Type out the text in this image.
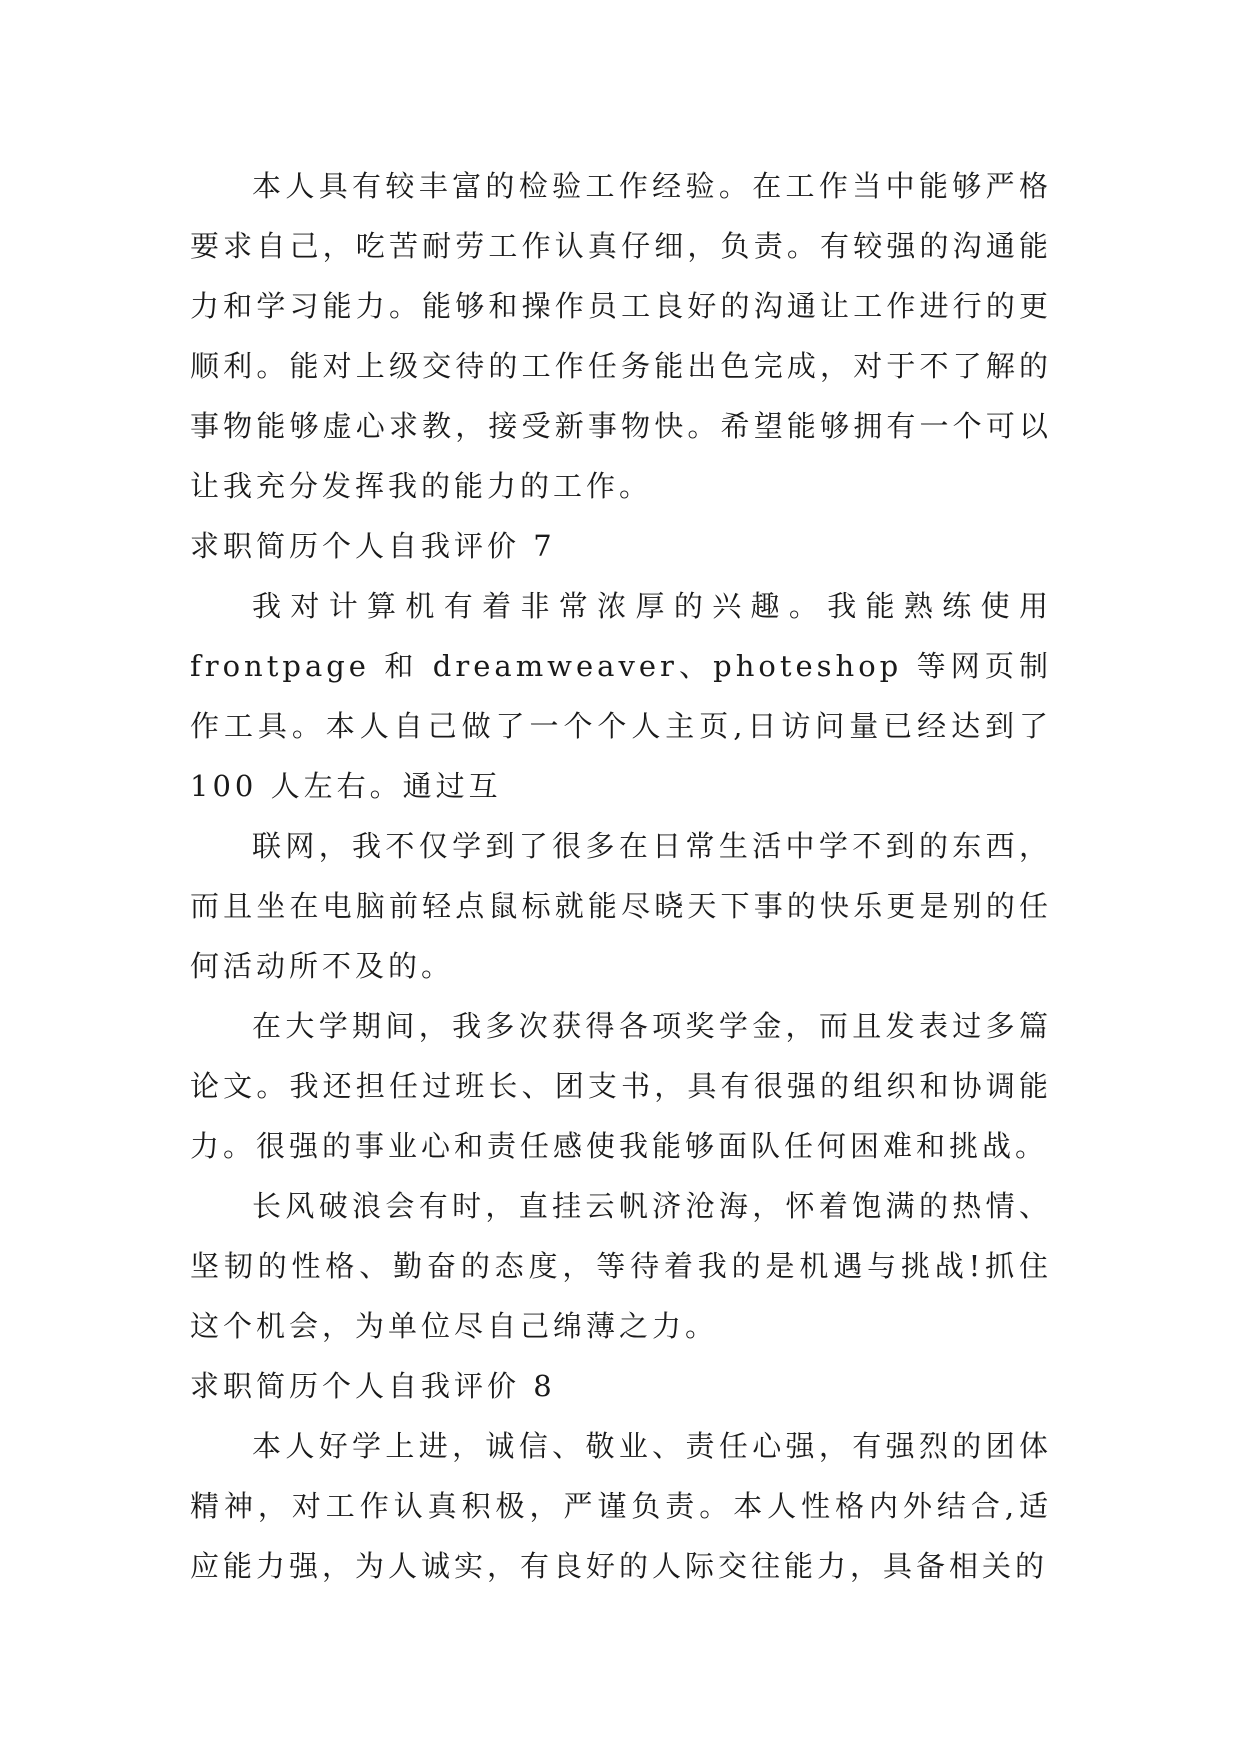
本人具有较丰富的检验工作经验。在工作当中能够严格要求自己，吃苦耐劳工作认真仔细，负责。有较强的沟通能力和学习能力。能够和操作员工良好的沟通让工作进行的更顺利。能对上级交待的工作任务能出色完成，对于不了解的事物能够虚心求教，接受新事物快。希望能够拥有一个可以让我充分发挥我的能力的工作。

求职简历个人自我评价 7

我对计算机有着非常浓厚的兴趣。我能熟练使用frontpage 和 dreamweaver、photeshop 等网页制作工具。本人自己做了一个个人主页,日访问量已经达到了 100 人左右。通过互

联网，我不仅学到了很多在日常生活中学不到的东西，而且坐在电脑前轻点鼠标就能尽晓天下事的快乐更是别的任何活动所不及的。

在大学期间，我多次获得各项奖学金，而且发表过多篇论文。我还担任过班长、团支书，具有很强的组织和协调能力。很强的事业心和责任感使我能够面队任何困难和挑战。

长风破浪会有时，直挂云帆济沧海，怀着饱满的热情、坚韧的性格、勤奋的态度，等待着我的是机遇与挑战!抓住这个机会，为单位尽自己绵薄之力。

求职简历个人自我评价 8

本人好学上进，诚信、敬业、责任心强，有强烈的团体精神，对工作认真积极，严谨负责。本人性格内外结合,适应能力强，为人诚实，有良好的人际交往能力，具备相关的
